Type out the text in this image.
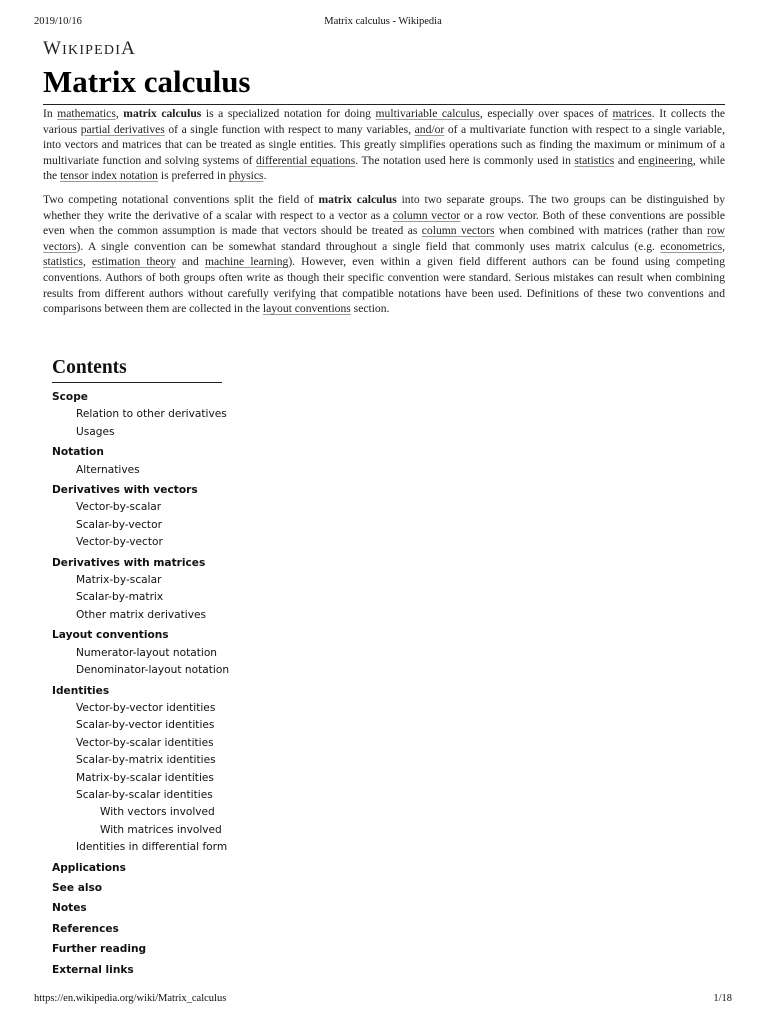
2019/10/16	Matrix calculus - Wikipedia
WIKIPEDIA
Matrix calculus

In mathematics, matrix calculus is a specialized notation for doing multivariable calculus, especially over spaces of matrices. It collects the various partial derivatives of a single function with respect to many variables, and/or of a multivariate function with respect to a single variable, into vectors and matrices that can be treated as single entities. This greatly simplifies operations such as finding the maximum or minimum of a multivariate function and solving systems of differential equations. The notation used here is commonly used in statistics and engineering, while the tensor index notation is preferred in physics.

Two competing notational conventions split the field of matrix calculus into two separate groups. The two groups can be distinguished by whether they write the derivative of a scalar with respect to a vector as a column vector or a row vector. Both of these conventions are possible even when the common assumption is made that vectors should be treated as column vectors when combined with matrices (rather than row vectors). A single convention can be somewhat standard throughout a single field that commonly uses matrix calculus (e.g. econometrics, statistics, estimation theory and machine learning). However, even within a given field different authors can be found using competing conventions. Authors of both groups often write as though their specific convention were standard. Serious mistakes can result when combining results from different authors without carefully verifying that compatible notations have been used. Definitions of these two conventions and comparisons between them are collected in the layout conventions section.

Contents
Scope
Relation to other derivatives
Usages
Notation
Alternatives
Derivatives with vectors
Vector-by-scalar
Scalar-by-vector
Vector-by-vector
Derivatives with matrices
Matrix-by-scalar
Scalar-by-matrix
Other matrix derivatives
Layout conventions
Numerator-layout notation
Denominator-layout notation
Identities
Vector-by-vector identities
Scalar-by-vector identities
Vector-by-scalar identities
Scalar-by-matrix identities
Matrix-by-scalar identities
Scalar-by-scalar identities
With vectors involved
With matrices involved
Identities in differential form
Applications
See also
Notes
References
Further reading
External links
https://en.wikipedia.org/wiki/Matrix_calculus	1/18
